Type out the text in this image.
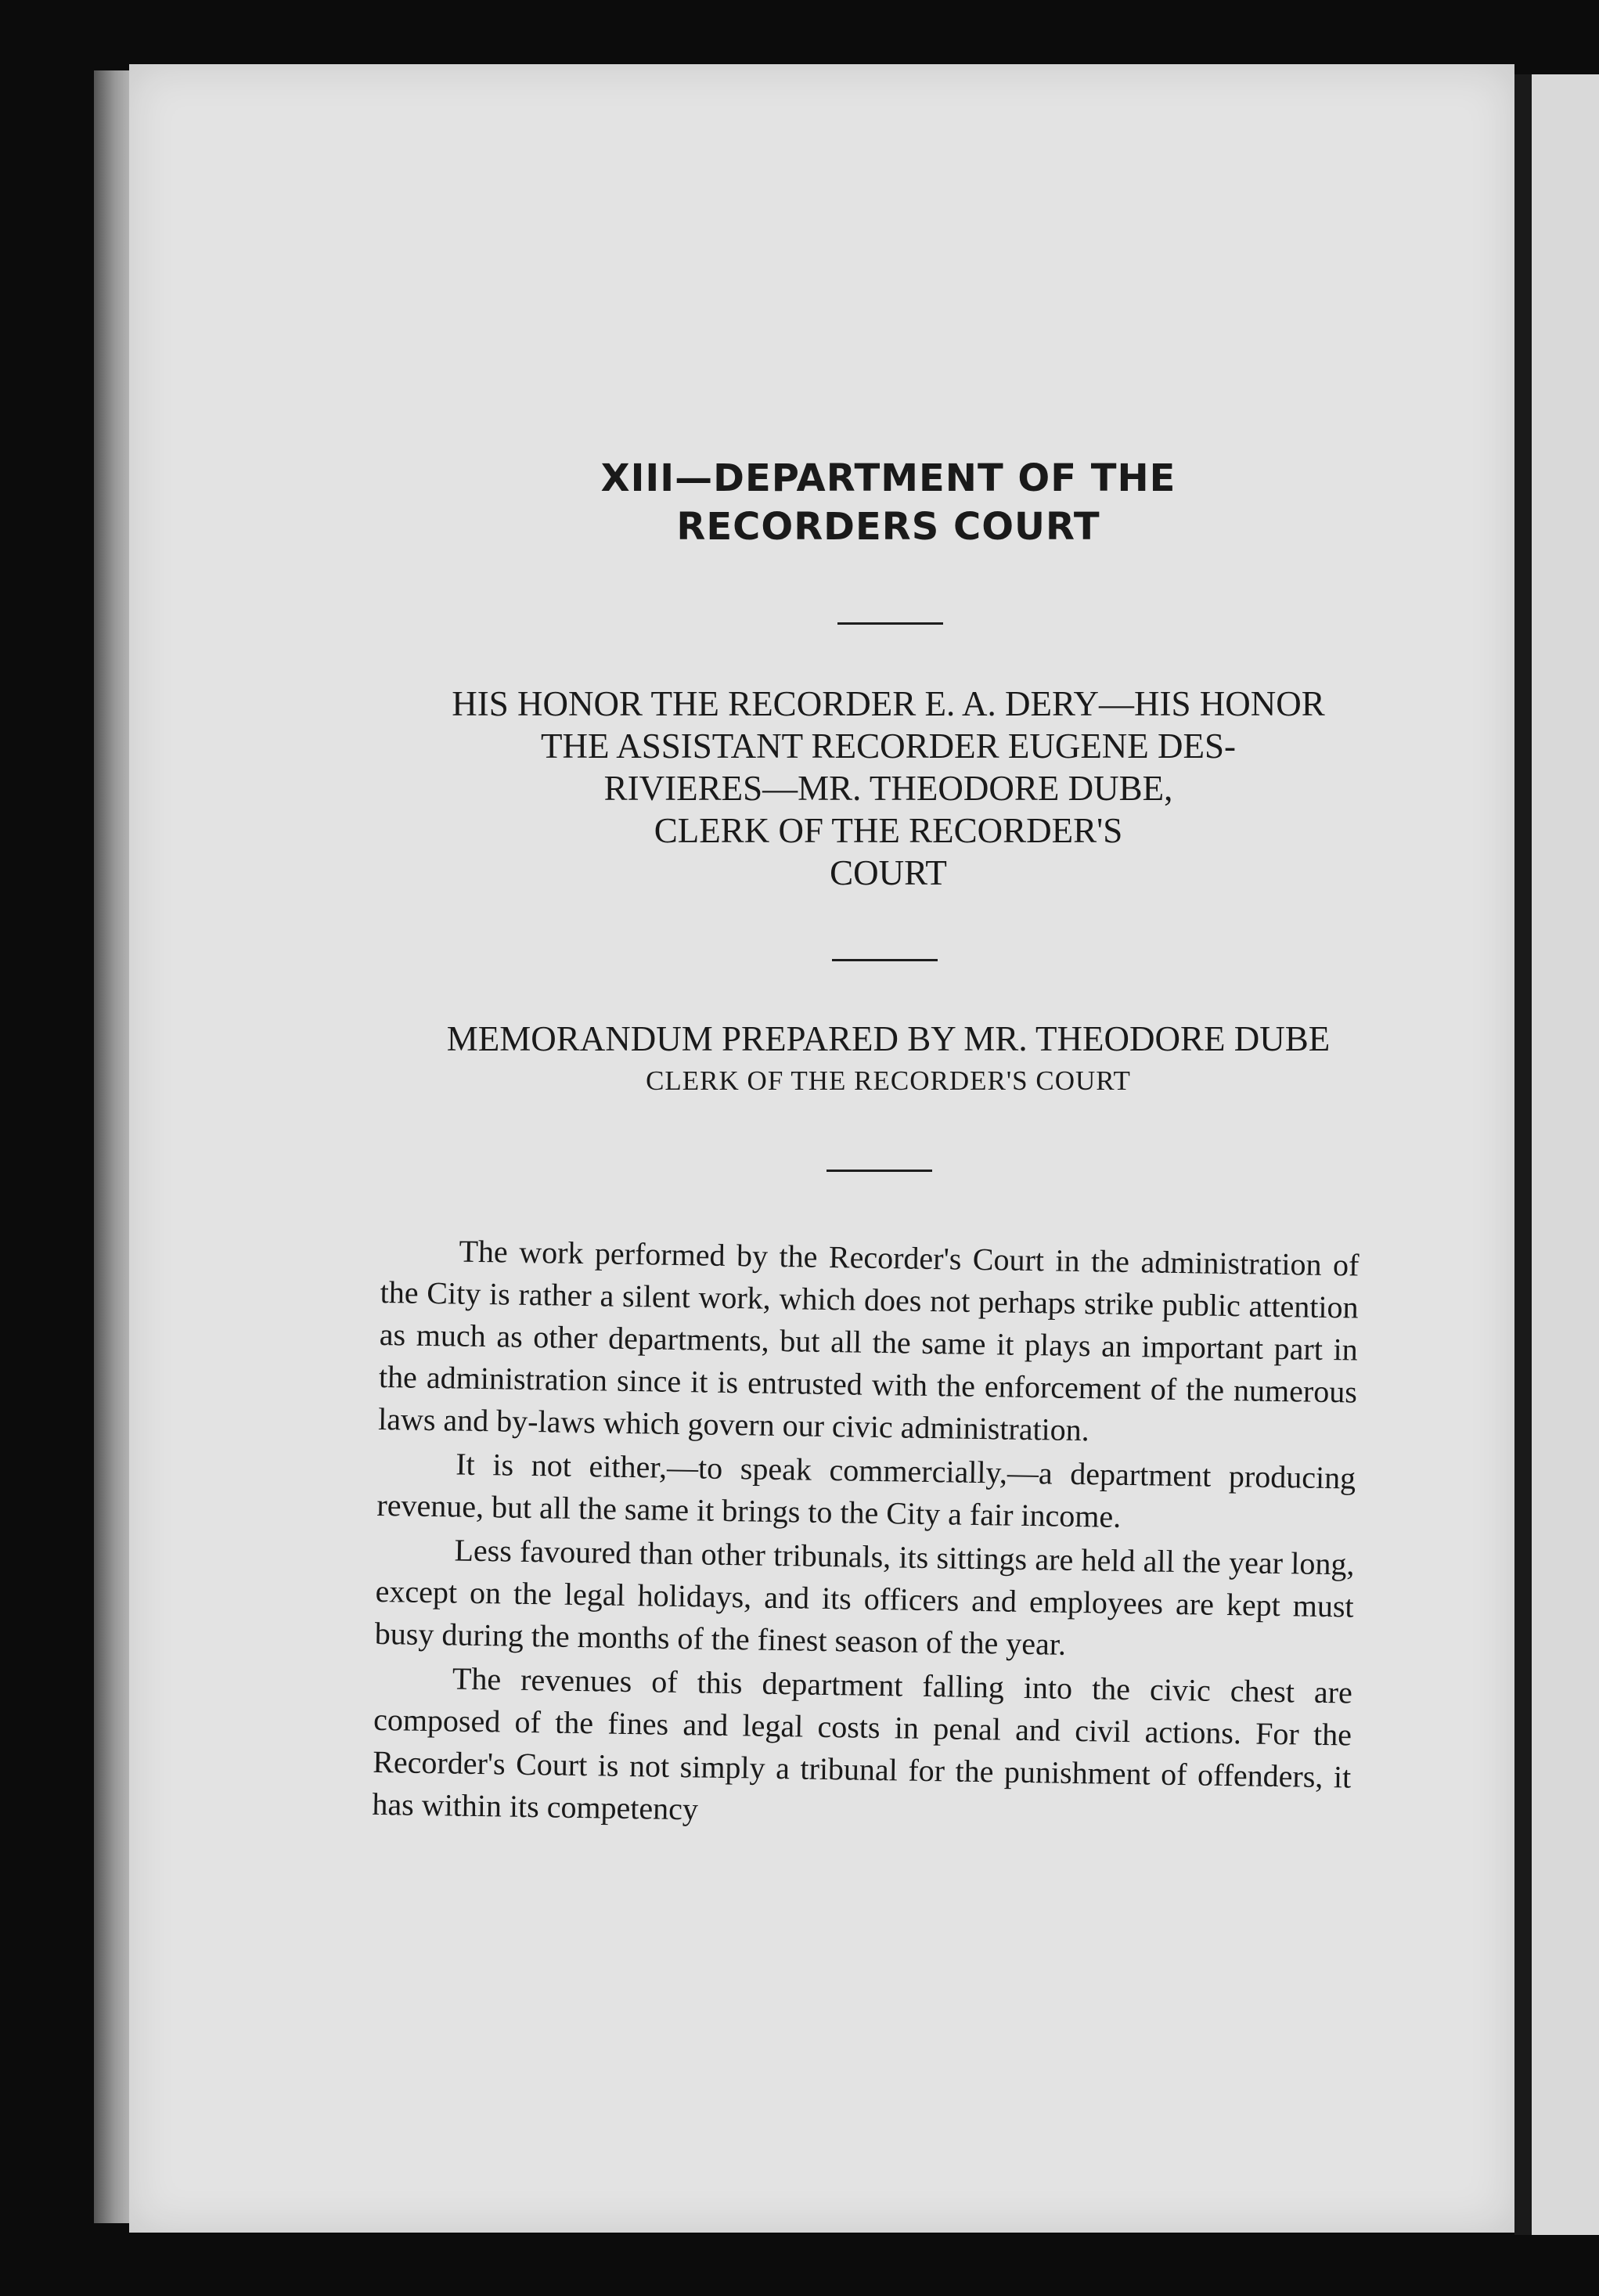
XIII—DEPARTMENT OF THE
RECORDERS COURT
HIS HONOR THE RECORDER E. A. DERY—HIS HONOR
THE ASSISTANT RECORDER EUGENE DES-
RIVIERES—MR. THEODORE DUBE,
CLERK OF THE RECORDER'S
COURT
MEMORANDUM PREPARED BY MR. THEODORE DUBE
CLERK OF THE RECORDER'S COURT

The work performed by the Recorder's Court in the administration of the City is rather a silent work, which does not perhaps strike public attention as much as other departments, but all the same it plays an important part in the administration since it is entrusted with the enforcement of the numerous laws and by-laws which govern our civic administration.

It is not either,—to speak commercially,—a department producing revenue, but all the same it brings to the City a fair income.

Less favoured than other tribunals, its sittings are held all the year long, except on the legal holidays, and its officers and employees are kept must busy during the months of the finest season of the year.

The revenues of this department falling into the civic chest are composed of the fines and legal costs in penal and civil actions. For the Recorder's Court is not simply a tribunal for the punishment of offenders, it has within its competency
